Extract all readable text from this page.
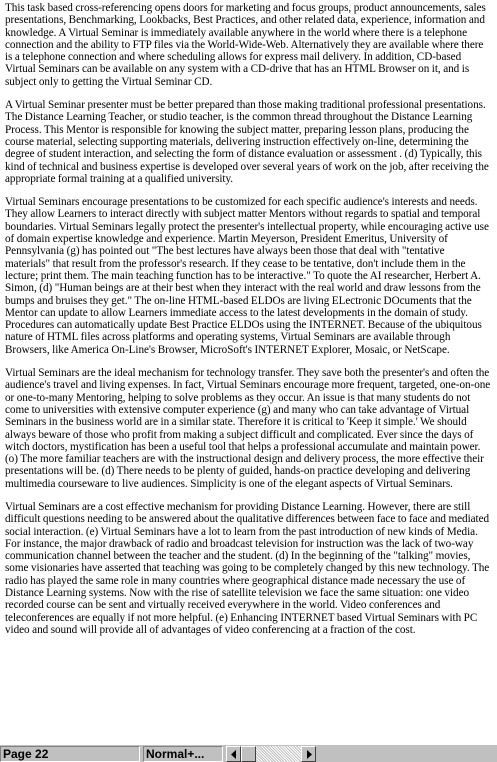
This task based cross-referencing opens doors for marketing and focus groups, product announcements, sales presentations, Benchmarking, Lookbacks, Best Practices, and other related data, experience, information and knowledge. A Virtual Seminar is immediately available anywhere in the world where there is a telephone connection and the ability to FTP files via the World-Wide-Web. Alternatively they are available where there is a telephone connection and where scheduling allows for express mail delivery. In addition, CD-based Virtual Seminars can be available on any system with a CD-drive that has an HTML Browser on it, and is subject only to getting the Virtual Seminar CD.

A Virtual Seminar presenter must be better prepared than those making traditional professional presentations. The Distance Learning Teacher, or studio teacher, is the common thread throughout the Distance Learning Process. This Mentor is responsible for knowing the subject matter, preparing lesson plans, producing the course material, selecting supporting materials, delivering instruction effectively on-line, determining the degree of student interaction, and selecting the form of distance evaluation or assessment . (d) Typically, this kind of technical and business expertise is developed over several years of work on the job, after receiving the appropriate formal training at a qualified university.

Virtual Seminars encourage presentations to be customized for each specific audience's interests and needs. They allow Learners to interact directly with subject matter Mentors without regards to spatial and temporal boundaries. Virtual Seminars legally protect the presenter's intellectual property, while encouraging active use of domain expertise knowledge and experience. Martin Meyerson, President Emeritus, University of Pennsylvania (g) has pointed out "The best lectures have always been those that deal with "tentative materials" that result from the professor's research. If they cease to be tentative, don't include them in the lecture; print them. The main teaching function has to be interactive." To quote the AI researcher, Herbert A. Simon, (d) "Human beings are at their best when they interact with the real world and draw lessons from the bumps and bruises they get." The on-line HTML-based ELDOs are living ELectronic DOcuments that the Mentor can update to allow Learners immediate access to the latest developments in the domain of study. Procedures can automatically update Best Practice ELDOs using the INTERNET. Because of the ubiquitous nature of HTML files across platforms and operating systems, Virtual Seminars are available through Browsers, like America On-Line's Browser, MicroSoft's INTERNET Explorer, Mosaic, or NetScape.

Virtual Seminars are the ideal mechanism for technology transfer. They save both the presenter's and often the audience's travel and living expenses. In fact, Virtual Seminars encourage more frequent, targeted, one-on-one or one-to-many Mentoring, helping to solve problems as they occur. An issue is that many students do not come to universities with extensive computer experience (g) and many who can take advantage of Virtual Seminars in the business world are in a similar state. Therefore it is critical to 'Keep it simple.' We should always beware of those who profit from making a subject difficult and complicated. Ever since the days of witch doctors, mystification has been a useful tool that helps a professional accumulate and maintain power. (o) The more familiar teachers are with the instructional design and delivery process, the more effective their presentations will be. (d) There needs to be plenty of guided, hands-on practice developing and delivering multimedia courseware to live audiences. Simplicity is one of the elegant aspects of Virtual Seminars.

Virtual Seminars are a cost effective mechanism for providing Distance Learning. However, there are still difficult questions needing to be answered about the qualitative differences between face to face and mediated social interaction. (e) Virtual Seminars have a lot to learn from the past introduction of new kinds of Media. For instance, the major drawback of radio and broadcast television for instruction was the lack of two-way communication channel between the teacher and the student. (d) In the beginning of the "talking" movies, some visionaries have asserted that teaching was going to be completely changed by this new technology. The radio has played the same role in many countries where geographical distance made necessary the use of Distance Learning systems. Now with the rise of satellite television we face the same situation: one video recorded course can be sent and virtually received everywhere in the world. Video conferences and teleconferences are equally if not more helpful. (e) Enhancing INTERNET based Virtual Seminars with PC video and sound will provide all of advantages of video conferencing at a fraction of the cost.

Page 22	Normal+...
